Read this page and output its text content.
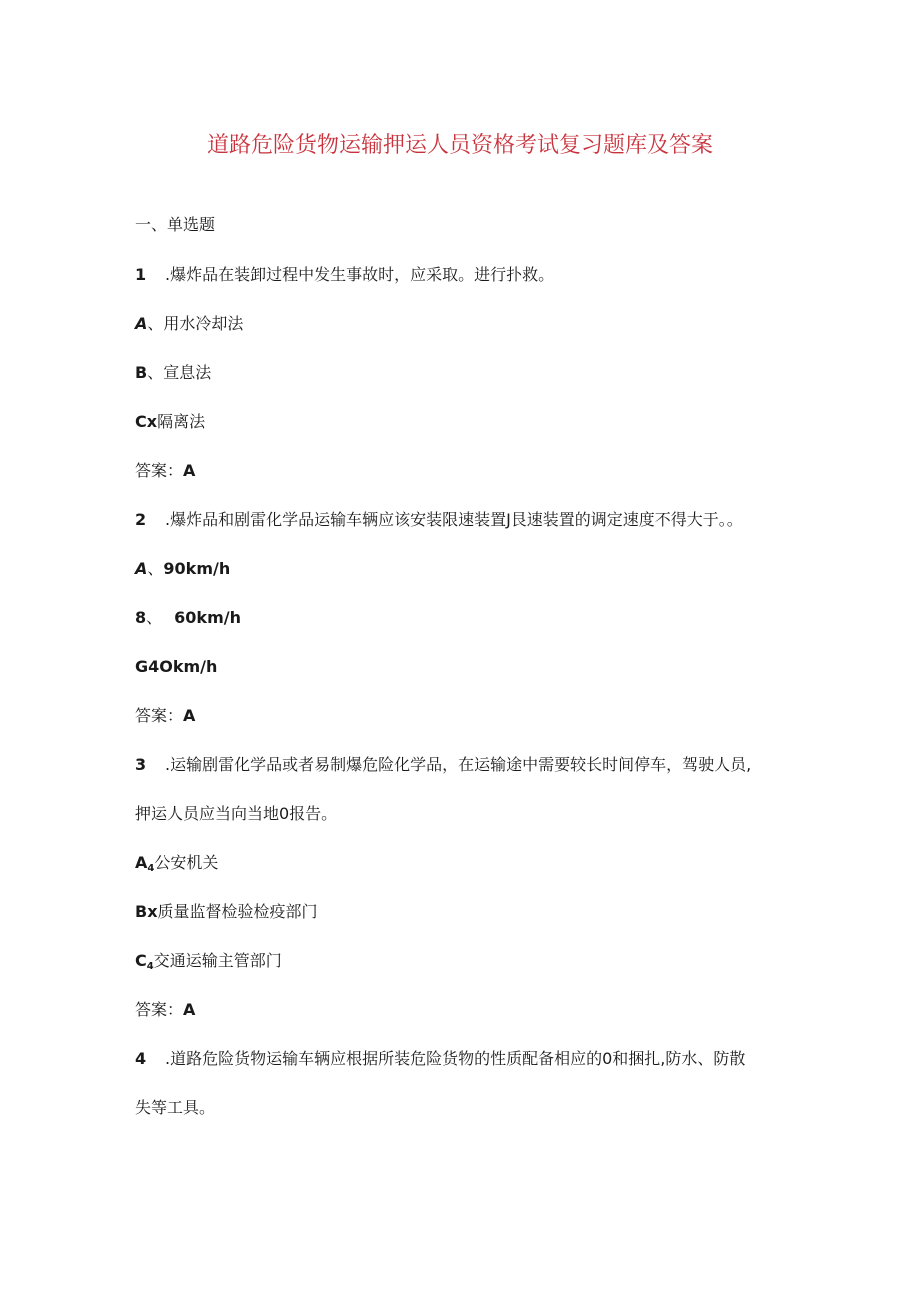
道路危险货物运输押运人员资格考试复习题库及答案
一、单选题
1 .爆炸品在装卸过程中发生事故时，应采取。进行扑救。
A、用水冷却法
B、宣息法
Cx隔离法
答案：A
2 .爆炸品和剧雷化学品运输车辆应该安装限速装置J艮速装置的调定速度不得大于。。
A、90km/h
8、 60km/h
G4Okm/h
答案：A
3 .运输剧雷化学品或者易制爆危险化学品，在运输途中需要较长时间停车，驾驶人员,
押运人员应当向当地0报告。
$A_4$公安机关
Bx质量监督检验检疫部门
$C_4$交通运输主管部门
答案：A
4 .道路危险货物运输车辆应根据所装危险货物的性质配备相应的0和捆扎,防水、防散
失等工具。
